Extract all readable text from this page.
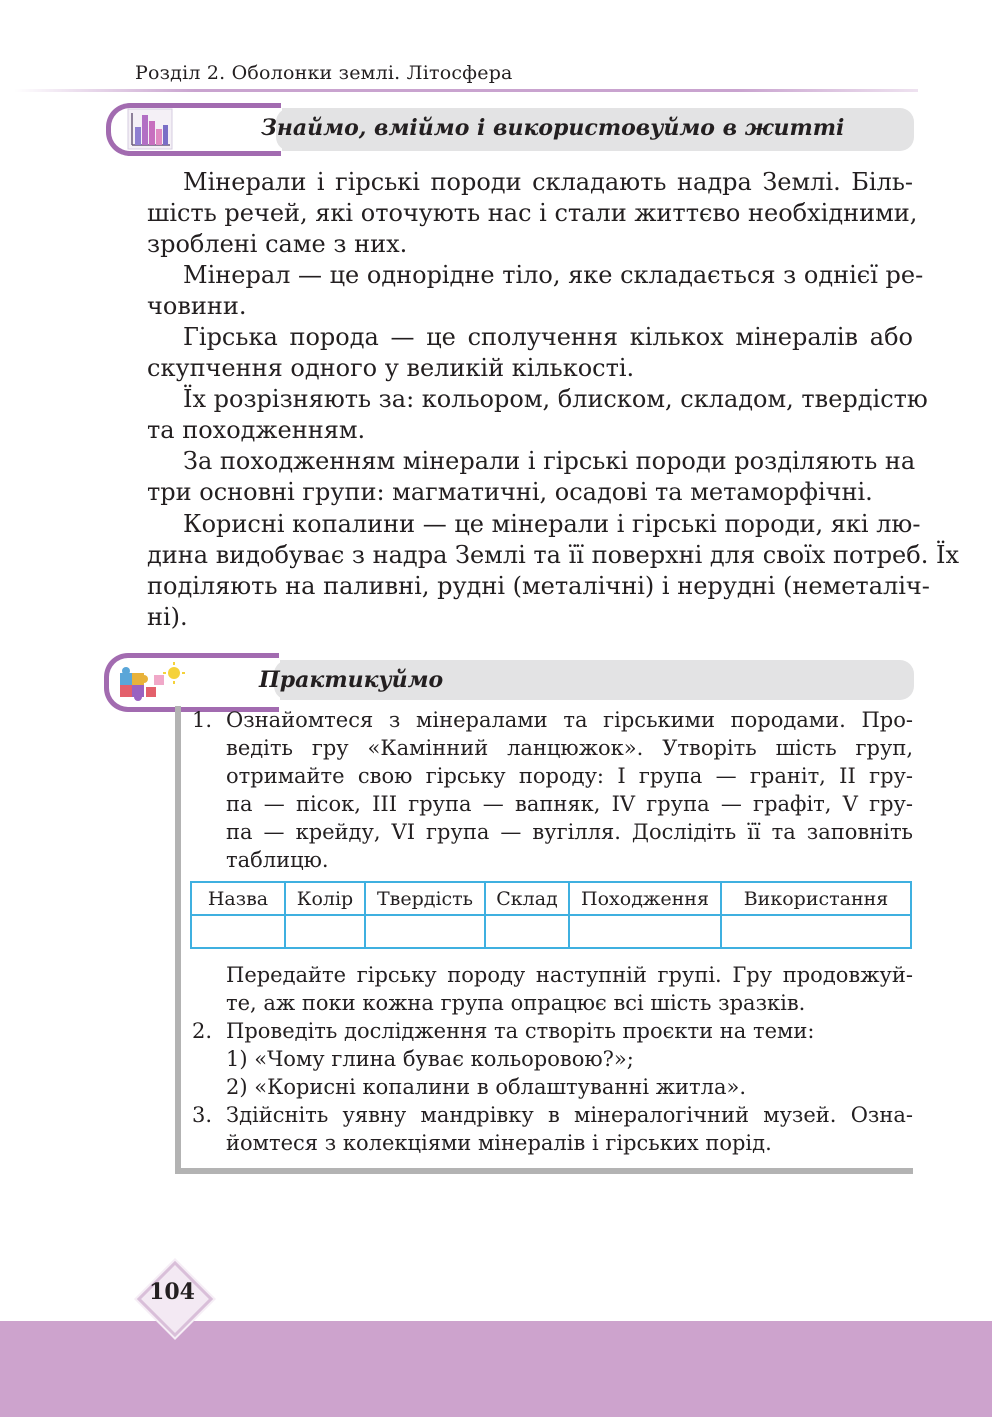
Розділ 2. Оболонки землі. Літосфера
Знаймо, вміймо і використовуймо в житті
Мінерали і гірські породи складають надра Землі. Біль-
шість речей, які оточують нас і стали життєво необхідними,
зроблені саме з них.
Мінерал — це однорідне тіло, яке складається з однієї ре-
човини.
Гірська порода — це сполучення кількох мінералів або
скупчення одного у великій кількості.
Їх розрізняють за: кольором, блиском, складом, твердістю
та походженням.
За походженням мінерали і гірські породи розділяють на
три основні групи: магматичні, осадові та метаморфічні.
Корисні копалини — це мінерали і гірські породи, які лю-
дина видобуває з надра Землі та її поверхні для своїх потреб. Їх
поділяють на паливні, рудні (металічні) і нерудні (неметаліч-
ні).
Практикуймо
1. Ознайомтеся з мінералами та гірськими породами. Про-
ведіть гру «Камінний ланцюжок». Утворіть шість груп,
отримайте свою гірську породу: І група — граніт, ІІ гру-
па — пісок, ІІІ група — вапняк, IV група — графіт, V гру-
па — крейду, VI група — вугілля. Дослідіть її та заповніть
таблицю.
Назва	Колір	Твердість	Склад	Походження	Використання

Передайте гірську породу наступній групі. Гру продовжуй-
те, аж поки кожна група опрацює всі шість зразків.
2. Проведіть дослідження та створіть проєкти на теми:
1) «Чому глина буває кольоровою?»;
2) «Корисні копалини в облаштуванні житла».
3. Здійсніть уявну мандрівку в мінералогічний музей. Озна-
йомтеся з колекціями мінералів і гірських порід.
104
